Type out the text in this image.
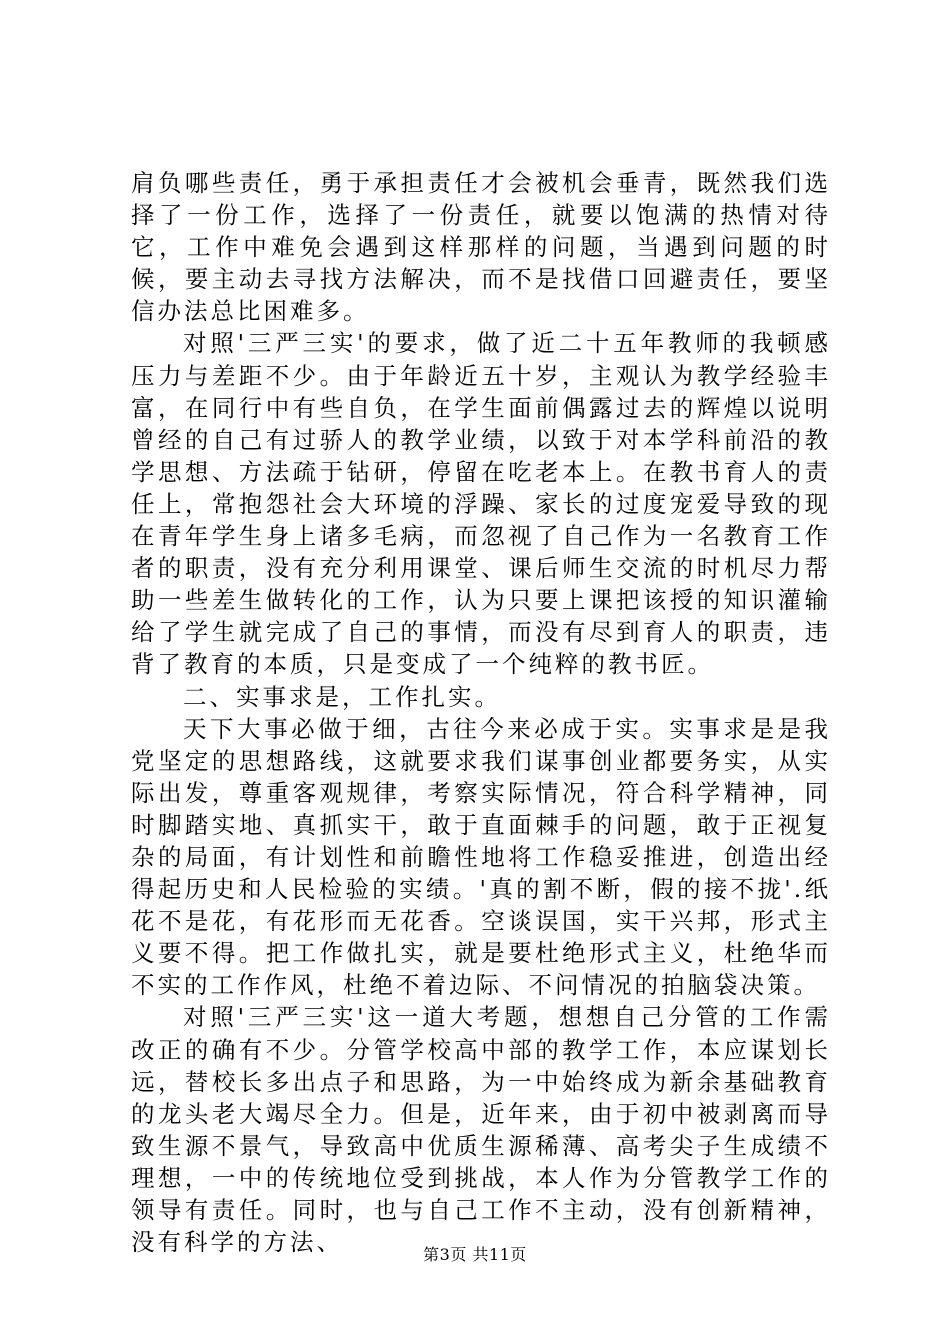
肩负哪些责任，勇于承担责任才会被机会垂青，既然我们选择了一份工作，选择了一份责任，就要以饱满的热情对待它，工作中难免会遇到这样那样的问题，当遇到问题的时候，要主动去寻找方法解决，而不是找借口回避责任，要坚信办法总比困难多。

对照'三严三实'的要求，做了近二十五年教师的我顿感压力与差距不少。由于年龄近五十岁，主观认为教学经验丰富，在同行中有些自负，在学生面前偶露过去的辉煌以说明曾经的自己有过骄人的教学业绩，以致于对本学科前沿的教学思想、方法疏于钻研，停留在吃老本上。在教书育人的责任上，常抱怨社会大环境的浮躁、家长的过度宠爱导致的现在青年学生身上诸多毛病，而忽视了自己作为一名教育工作者的职责，没有充分利用课堂、课后师生交流的时机尽力帮助一些差生做转化的工作，认为只要上课把该授的知识灌输给了学生就完成了自己的事情，而没有尽到育人的职责，违背了教育的本质，只是变成了一个纯粹的教书匠。

二、实事求是，工作扎实。

天下大事必做于细，古往今来必成于实。实事求是是我党坚定的思想路线，这就要求我们谋事创业都要务实，从实际出发，尊重客观规律，考察实际情况，符合科学精神，同时脚踏实地、真抓实干，敢于直面棘手的问题，敢于正视复杂的局面，有计划性和前瞻性地将工作稳妥推进，创造出经得起历史和人民检验的实绩。'真的割不断，假的接不拢'.纸花不是花，有花形而无花香。空谈误国，实干兴邦，形式主义要不得。把工作做扎实，就是要杜绝形式主义，杜绝华而不实的工作作风，杜绝不着边际、不问情况的拍脑袋决策。

对照'三严三实'这一道大考题，想想自己分管的工作需改正的确有不少。分管学校高中部的教学工作，本应谋划长远，替校长多出点子和思路，为一中始终成为新余基础教育的龙头老大竭尽全力。但是，近年来，由于初中被剥离而导致生源不景气，导致高中优质生源稀薄、高考尖子生成绩不理想，一中的传统地位受到挑战，本人作为分管教学工作的领导有责任。同时，也与自己工作不主动，没有创新精神，没有科学的方法、	第3页 共11页
